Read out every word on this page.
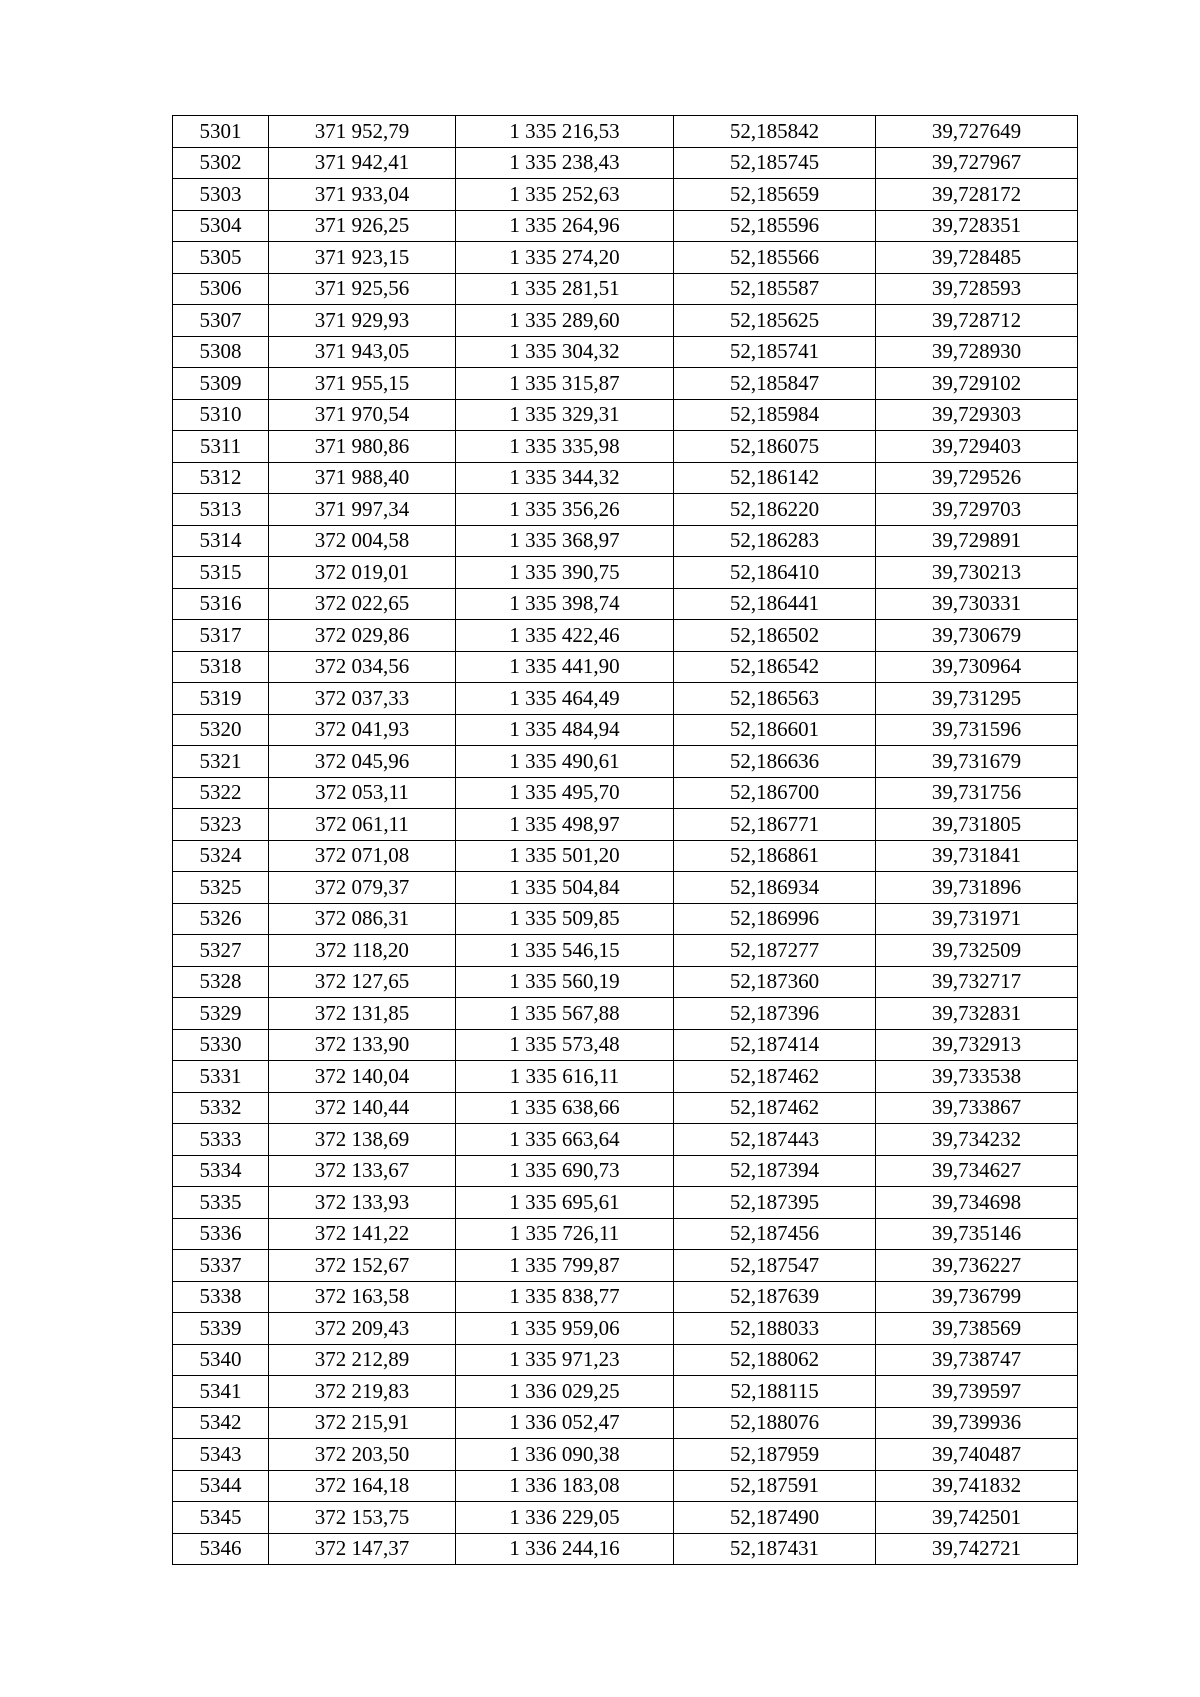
5301	371 952,79	1 335 216,53	52,185842	39,727649
5302	371 942,41	1 335 238,43	52,185745	39,727967
5303	371 933,04	1 335 252,63	52,185659	39,728172
5304	371 926,25	1 335 264,96	52,185596	39,728351
5305	371 923,15	1 335 274,20	52,185566	39,728485
5306	371 925,56	1 335 281,51	52,185587	39,728593
5307	371 929,93	1 335 289,60	52,185625	39,728712
5308	371 943,05	1 335 304,32	52,185741	39,728930
5309	371 955,15	1 335 315,87	52,185847	39,729102
5310	371 970,54	1 335 329,31	52,185984	39,729303
5311	371 980,86	1 335 335,98	52,186075	39,729403
5312	371 988,40	1 335 344,32	52,186142	39,729526
5313	371 997,34	1 335 356,26	52,186220	39,729703
5314	372 004,58	1 335 368,97	52,186283	39,729891
5315	372 019,01	1 335 390,75	52,186410	39,730213
5316	372 022,65	1 335 398,74	52,186441	39,730331
5317	372 029,86	1 335 422,46	52,186502	39,730679
5318	372 034,56	1 335 441,90	52,186542	39,730964
5319	372 037,33	1 335 464,49	52,186563	39,731295
5320	372 041,93	1 335 484,94	52,186601	39,731596
5321	372 045,96	1 335 490,61	52,186636	39,731679
5322	372 053,11	1 335 495,70	52,186700	39,731756
5323	372 061,11	1 335 498,97	52,186771	39,731805
5324	372 071,08	1 335 501,20	52,186861	39,731841
5325	372 079,37	1 335 504,84	52,186934	39,731896
5326	372 086,31	1 335 509,85	52,186996	39,731971
5327	372 118,20	1 335 546,15	52,187277	39,732509
5328	372 127,65	1 335 560,19	52,187360	39,732717
5329	372 131,85	1 335 567,88	52,187396	39,732831
5330	372 133,90	1 335 573,48	52,187414	39,732913
5331	372 140,04	1 335 616,11	52,187462	39,733538
5332	372 140,44	1 335 638,66	52,187462	39,733867
5333	372 138,69	1 335 663,64	52,187443	39,734232
5334	372 133,67	1 335 690,73	52,187394	39,734627
5335	372 133,93	1 335 695,61	52,187395	39,734698
5336	372 141,22	1 335 726,11	52,187456	39,735146
5337	372 152,67	1 335 799,87	52,187547	39,736227
5338	372 163,58	1 335 838,77	52,187639	39,736799
5339	372 209,43	1 335 959,06	52,188033	39,738569
5340	372 212,89	1 335 971,23	52,188062	39,738747
5341	372 219,83	1 336 029,25	52,188115	39,739597
5342	372 215,91	1 336 052,47	52,188076	39,739936
5343	372 203,50	1 336 090,38	52,187959	39,740487
5344	372 164,18	1 336 183,08	52,187591	39,741832
5345	372 153,75	1 336 229,05	52,187490	39,742501
5346	372 147,37	1 336 244,16	52,187431	39,742721
